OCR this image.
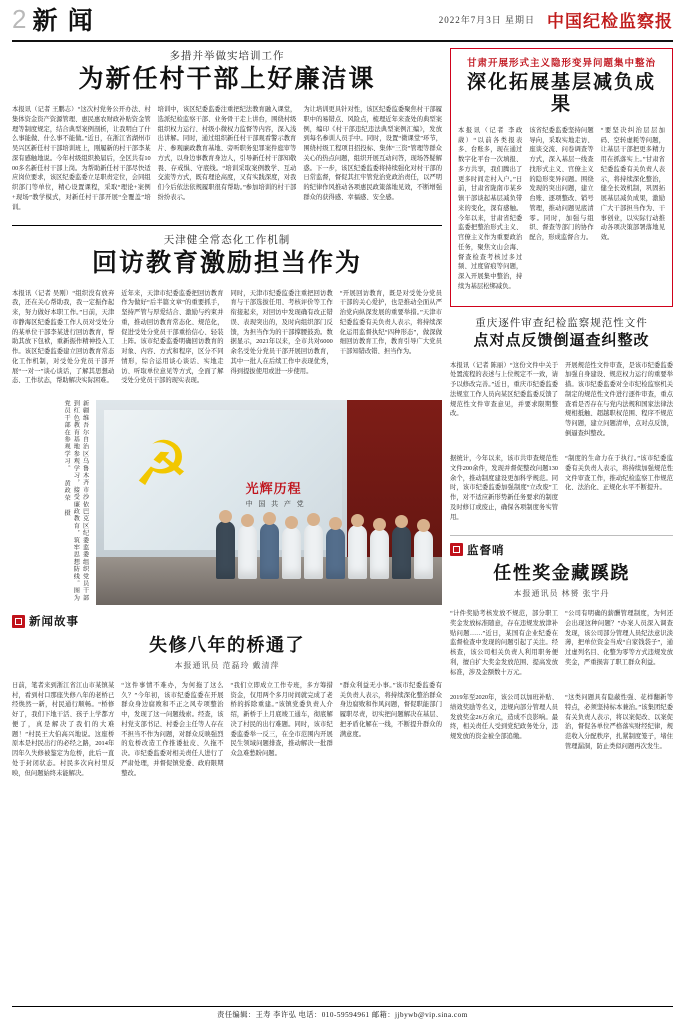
2 新 闻	2022年7月3日 星期日 中国纪检监察报
多措并举做实培训工作
为新任村干部上好廉洁课

本报讯（记者 王鹏志）“这次村党务公开办法、村集体资金资产资源管理、惠民惠农财政补贴资金管理等制度规定，结合典型案例剖析，让我明白了什么事能做、什么事不能做。”近日，在浙江省湖州市吴兴区新任村干部培训班上，刚履新的村干部李某深有感触地说。今年村级组织换届后，全区共有1000多名新任村干部上岗。为帮助新任村干部尽快适应岗位要求，该区纪委监委立足职责定位，会同组织部门等单位，精心设置课程，采取“理论+案例+现场”教学模式，对新任村干部开展“全覆盖”培训。

培训中，该区纪委监委注重把纪法教育融入课堂，选派纪检监察干部、业务骨干走上讲台，围绕村级组织权力运行、村级小微权力监督等内容，深入浅出讲解。同时，通过组织新任村干部观看警示教育片、参观廉政教育基地、旁听职务犯罪案件庭审等方式，以身边事教育身边人，引导新任村干部知敬畏、存戒惧、守底线。“培训采取案例教学、互动交流等方式，既有理论高度，又有实践深度，对我们今后依法依规履职很有帮助。”参加培训的村干部纷纷表示。

为让培训更具针对性，该区纪委监委聚焦村干部履职中的易错点、风险点，梳理近年来查处的典型案例，编印《村干部违纪违法典型案例汇编》，发放到每名参训人员手中。同时，设置“微课堂”环节，围绕村级工程项目招投标、集体“三资”管理等群众关心的热点问题，组织开展互动问答，现场答疑解惑。下一步，该区纪委监委将持续强化对村干部的日常监督，督促其扛牢管党治党政治责任，以严明的纪律作风推动各项惠民政策落地见效，不断增强群众的获得感、幸福感、安全感。

天津健全常态化工作机制
回访教育激励担当作为

本报讯（记者 吴刚）“组织没有放弃我，还在关心帮助我，我一定振作起来，努力做好本职工作。”日前，天津市静海区纪委监委工作人员对受处分的某单位干部李某进行回访教育，帮助其放下包袱，重新振作精神投入工作。该区纪委监委建立回访教育常态化工作机制，对受处分党员干部开展“一对一”谈心谈话，了解其思想动态、工作状态，帮助解决实际困难。

近年来，天津市纪委监委把回访教育作为做好“后半篇文章”的重要抓手，坚持严管与厚爱结合、激励与约束并重，推动回访教育常态化、规范化，促进受处分党员干部重拾信心、轻装上阵。该市纪委监委明确回访教育的对象、内容、方式和程序，区分不同情形，综合运用谈心谈话、实地走访、听取单位意见等方式，全面了解受处分党员干部的现实表现。

同时，天津市纪委监委注重把回访教育与干部选拔任用、考核评价等工作衔接起来，对回访中发现确有改正错误、表现突出的，及时向组织部门反馈，为担当作为的干部撑腰鼓劲。数据显示，2021年以来，全市共对6000余名受处分党员干部开展回访教育，其中一批人在后续工作中表现优秀，得到提拔使用或进一步使用。

“开展回访教育，既是对受处分党员干部的关心爱护，也是推动全面从严治党向纵深发展的重要举措。”天津市纪委监委有关负责人表示，将持续深化运用监督执纪“四种形态”，做深做细回访教育工作，教育引导广大党员干部知错改错、担当作为。

新疆维吾尔自治区乌鲁木齐市沙依巴克区纪委监委组织党员干部到红色教育基地参观学习，接受廉政教育，筑牢思想防线。图为党员干部在参观学习。 黄政荣 摄	☭	光辉历程
中 国 共 产 党
新闻故事
失修八年的桥通了
本报通讯员 范磊玲 戴清萍

日前，笔者来到浙江省江山市某镇某村，看到村口那座失修八年的老桥已经焕然一新，村民通行顺畅。“桥修好了，我们下地干活、孩子上学都方便了，真是解决了我们的大难题！”村民王大伯高兴地说。这座桥原本是村民出行的必经之路，2014年因年久失修被鉴定为危桥，此后一直处于封闭状态。村民多次向村里反映，但问题始终未能解决。

“这件事情不难办，为何拖了这么久？”今年初，该市纪委监委在开展群众身边腐败和不正之风专项整治中，发现了这一问题线索。经查，该村党支部书记、村委会主任等人存在不担当不作为问题，对群众反映强烈的危桥改造工作推诿扯皮、久拖不决。市纪委监委对相关责任人进行了严肃处理，并督促镇党委、政府限期整改。

“我们立即成立工作专班，多方筹措资金，仅用两个多月时间就完成了老桥的拆除重建。”该镇党委负责人介绍，新桥于上月底竣工通车，彻底解决了村民的出行难题。同时，该市纪委监委举一反三，在全市范围内开展民生领域问题排查，推动解决一批群众急难愁盼问题。

“群众利益无小事。”该市纪委监委有关负责人表示，将持续深化整治群众身边腐败和作风问题，督促职能部门履职尽责，切实把问题解决在基层、把矛盾化解在一线，不断提升群众的满意度。

甘肃开展形式主义隐形变异问题集中整治
深化拓展基层减负成果

本报讯（记者 李政葳）“以前各类报表多、台账多，现在通过数字化平台一次填报、多方共享，我们腾出了更多时间走村入户。”日前，甘肃省陇南市某乡镇干部谈起基层减负带来的变化，深有感触。今年以来，甘肃省纪委监委把整治形式主义、官僚主义作为重要政治任务，聚焦文山会海、督查检查考核过多过频、过度留痕等问题，深入开展集中整治，持续为基层松绑减负。

该省纪委监委坚持问题导向，采取实地走访、座谈交流、问卷调查等方式，深入基层一线查找形式主义、官僚主义的隐形变异问题。围绕发现的突出问题，建立台账、逐项整改、销号管理，推动问题见底清零。同时，加强与组织、督查等部门的协作配合，形成监督合力。

“要坚决纠治层层加码、空转虚耗等问题，让基层干部把更多精力用在抓落实上。”甘肃省纪委监委有关负责人表示，将持续深化整治，健全长效机制，巩固拓展基层减负成果，激励广大干部担当作为、干事创业，以实际行动推动各项决策部署落地见效。

重庆逐件审查纪检监察规范性文件
点对点反馈倒逼查纠整改

本报讯（记者 陈丽）“这份文件中关于处置流程的表述与上位规定不一致，请予以修改完善。”近日，重庆市纪委监委法规室工作人员向某区纪委监委反馈了规范性文件审查意见，并要求限期整改。

开展规范性文件审查，是该市纪委监委加强自身建设、规范权力运行的重要举措。该市纪委监委对全市纪检监察机关制定的规范性文件进行逐件审查，重点查看是否存在与党内法规和国家法律法规相抵触、超越职权范围、程序不规范等问题，建立问题清单，点对点反馈，倒逼查纠整改。

据统计，今年以来，该市共审查规范性文件200余件，发现并督促整改问题130余个，推动制度建设更加科学规范。同时，该市纪委监委加强制度“立改废”工作，对不适应新形势新任务要求的制度及时修订或废止，确保各项制度务实管用。

“制度的生命力在于执行。”该市纪委监委有关负责人表示，将持续加强规范性文件审查工作，推动纪检监察工作规范化、法治化、正规化水平不断提升。

监督哨
任性奖金藏蹊跷
本报通讯员 林赟 张宇丹

“计件奖励考核发放不规范，部分职工奖金发放标准随意，存在违规发放津补贴问题……”近日，某国有企业纪委在监督检查中发现的问题引起了关注。经核查，该公司相关负责人利用职务便利，擅自扩大奖金发放范围、提高发放标准，涉及金额数十万元。

“公司有明确的薪酬管理制度，为何还会出现这种问题？”办案人员深入调查发现，该公司部分管理人员纪法意识淡薄，把单位资金当成“自家钱袋子”，通过虚列名目、化整为零等方式违规发放奖金，严重损害了职工群众利益。

2019年至2020年，该公司以加班补贴、绩效奖励等名义，违规向部分管理人员发放奖金26万余元，造成不良影响。最终，相关责任人受到党纪政务处分，违规发放的资金被全部追缴。

“这类问题具有隐蔽性强、花样翻新等特点，必须坚持标本兼治。”该集团纪委有关负责人表示，将以案促改、以案促治，督促各单位严格落实财经纪律，规范收入分配秩序，扎紧制度笼子，堵住管理漏洞，防止类似问题再次发生。

责任编辑：王寿 李许弘 电话：010-59594961 邮箱：jjbywb@vip.sina.com
